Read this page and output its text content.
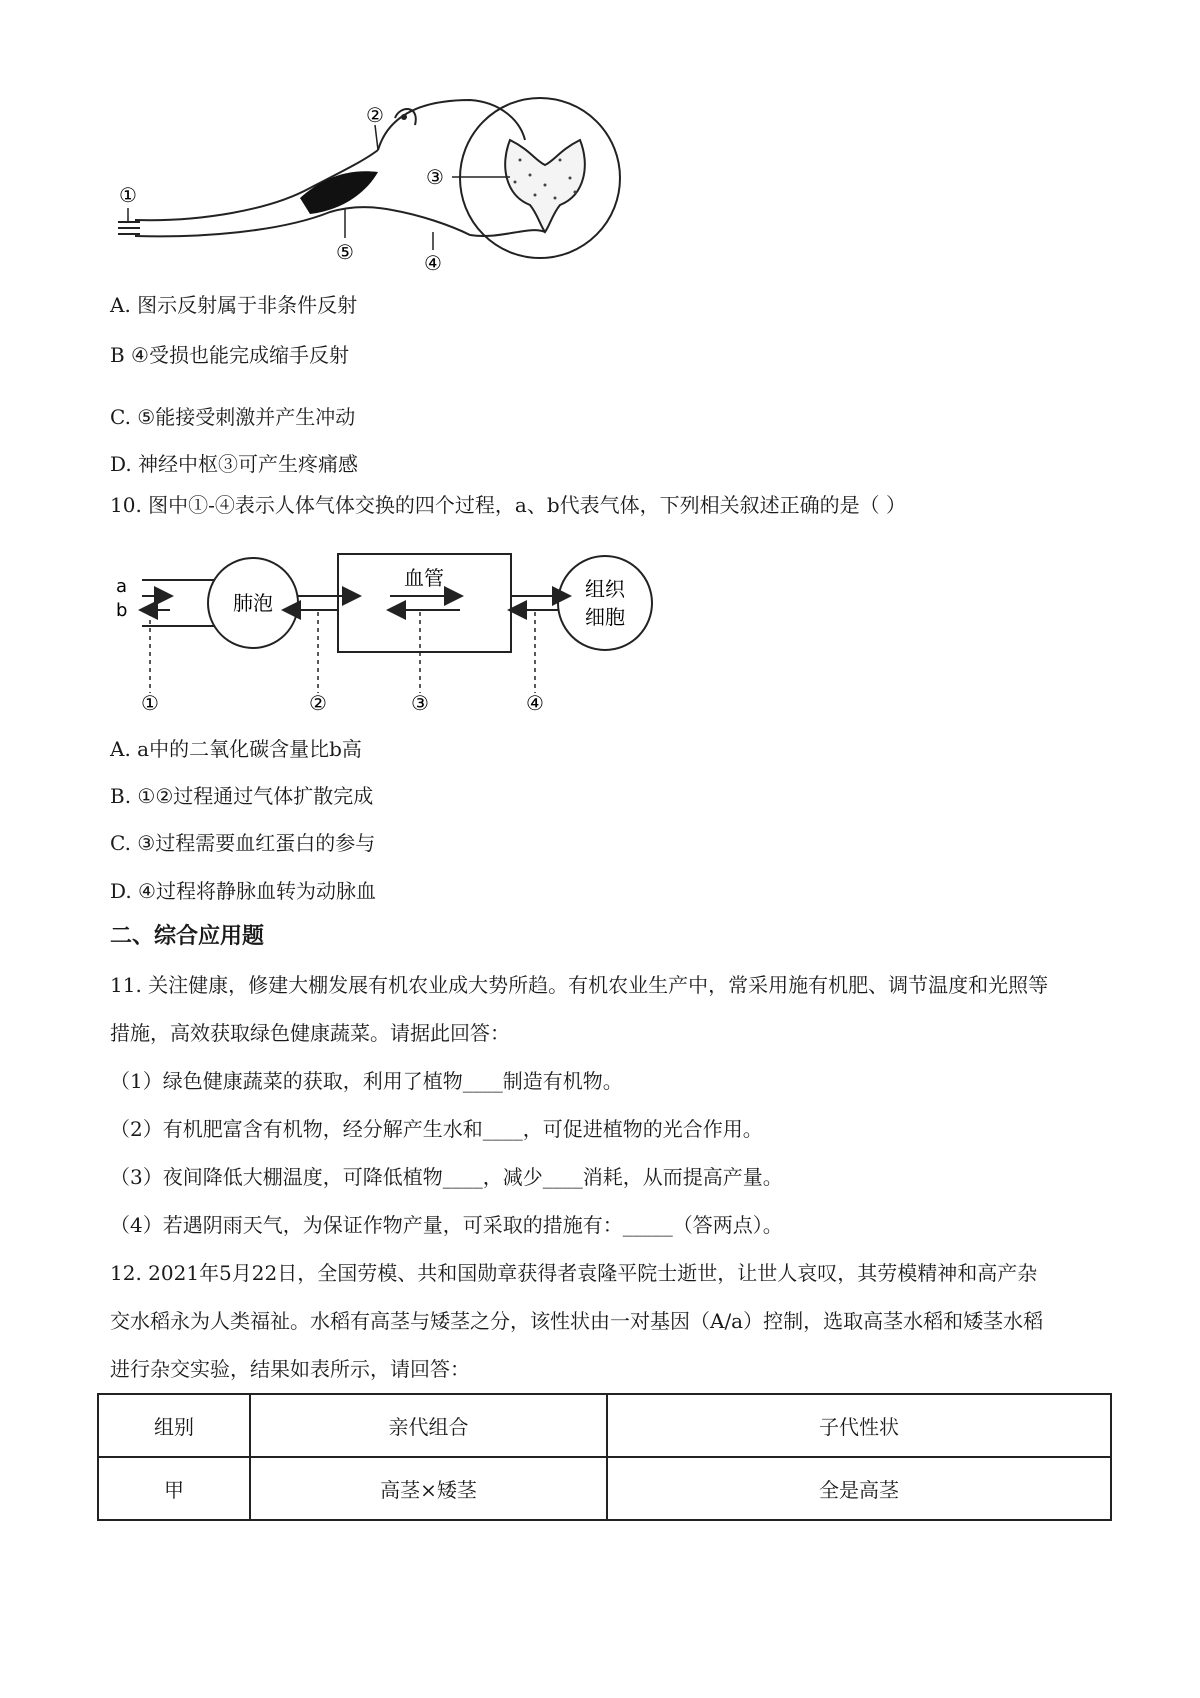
①
②
③
⑤	④
A. 图示反射属于非条件反射
B ④受损也能完成缩手反射
C. ⑤能接受刺激并产生冲动
D. 神经中枢③可产生疼痛感
10. 图中①-④表示人体气体交换的四个过程，a、b代表气体，下列相关叙述正确的是（ ）
a
b	肺泡
血管	组织
细胞
①	②	③	④
A. a中的二氧化碳含量比b高
B. ①②过程通过气体扩散完成
C. ③过程需要血红蛋白的参与
D. ④过程将静脉血转为动脉血
二、综合应用题
11. 关注健康，修建大棚发展有机农业成大势所趋。有机农业生产中，常采用施有机肥、调节温度和光照等
措施，高效获取绿色健康蔬菜。请据此回答：
（1）绿色健康蔬菜的获取，利用了植物____制造有机物。
（2）有机肥富含有机物，经分解产生水和____，可促进植物的光合作用。
（3）夜间降低大棚温度，可降低植物____，减少____消耗，从而提高产量。
（4）若遇阴雨天气，为保证作物产量，可采取的措施有：_____（答两点）。
12. 2021年5月22日，全国劳模、共和国勋章获得者袁隆平院士逝世，让世人哀叹，其劳模精神和高产杂
交水稻永为人类福祉。水稻有高茎与矮茎之分，该性状由一对基因（A/a）控制，选取高茎水稻和矮茎水稻
进行杂交实验，结果如表所示，请回答：
组别	亲代组合	子代性状
甲	高茎×矮茎	全是高茎
